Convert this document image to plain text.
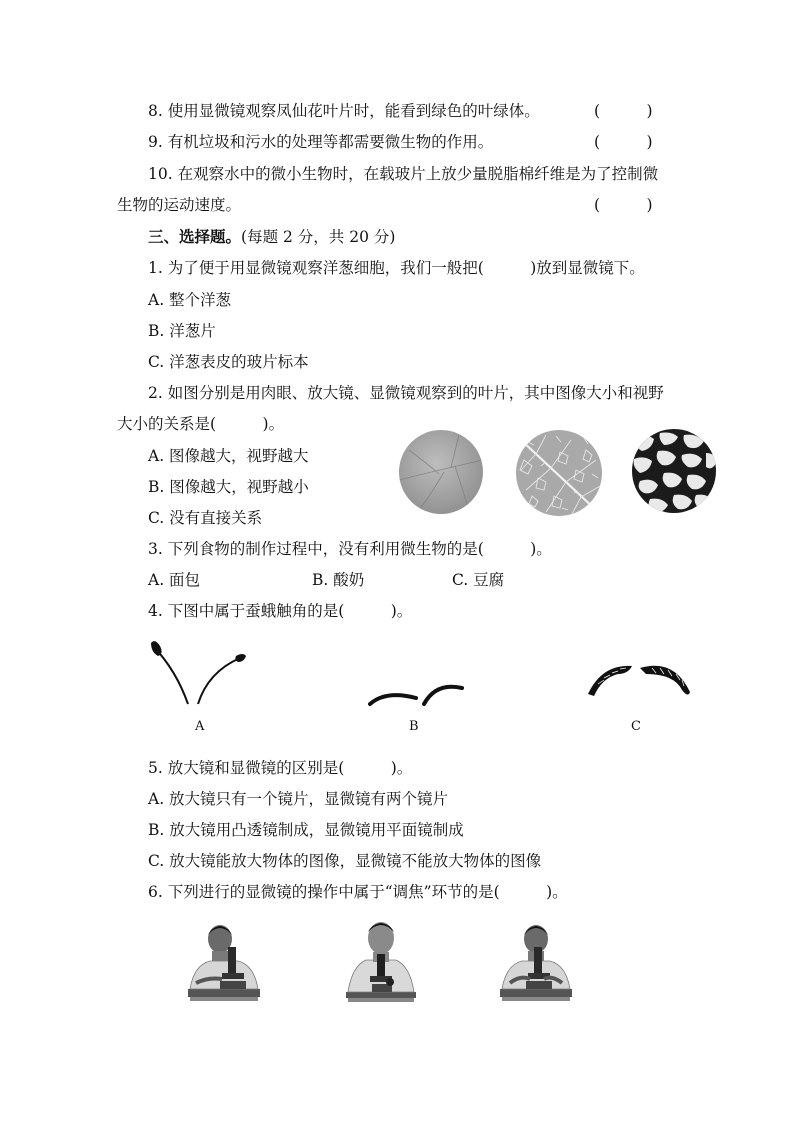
8. 使用显微镜观察凤仙花叶片时，能看到绿色的叶绿体。	(　　　)
9. 有机垃圾和污水的处理等都需要微生物的作用。	(　　　)
10. 在观察水中的微小生物时，在载玻片上放少量脱脂棉纤维是为了控制微
生物的运动速度。	(　　　)
三、选择题。(每题 2 分，共 20 分)
1. 为了便于用显微镜观察洋葱细胞，我们一般把(　　　)放到显微镜下。
A. 整个洋葱
B. 洋葱片
C. 洋葱表皮的玻片标本
2. 如图分别是用肉眼、放大镜、显微镜观察到的叶片，其中图像大小和视野
大小的关系是(　　　)。
A. 图像越大，视野越大
B. 图像越大，视野越小
C. 没有直接关系
3. 下列食物的制作过程中，没有利用微生物的是(　　　)。
A. 面包	B. 酸奶	C. 豆腐
4. 下图中属于蚕蛾触角的是(　　　)。
A	B	C
5. 放大镜和显微镜的区别是(　　　)。
A. 放大镜只有一个镜片，显微镜有两个镜片
B. 放大镜用凸透镜制成，显微镜用平面镜制成
C. 放大镜能放大物体的图像，显微镜不能放大物体的图像
6. 下列进行的显微镜的操作中属于“调焦”环节的是(　　　)。
